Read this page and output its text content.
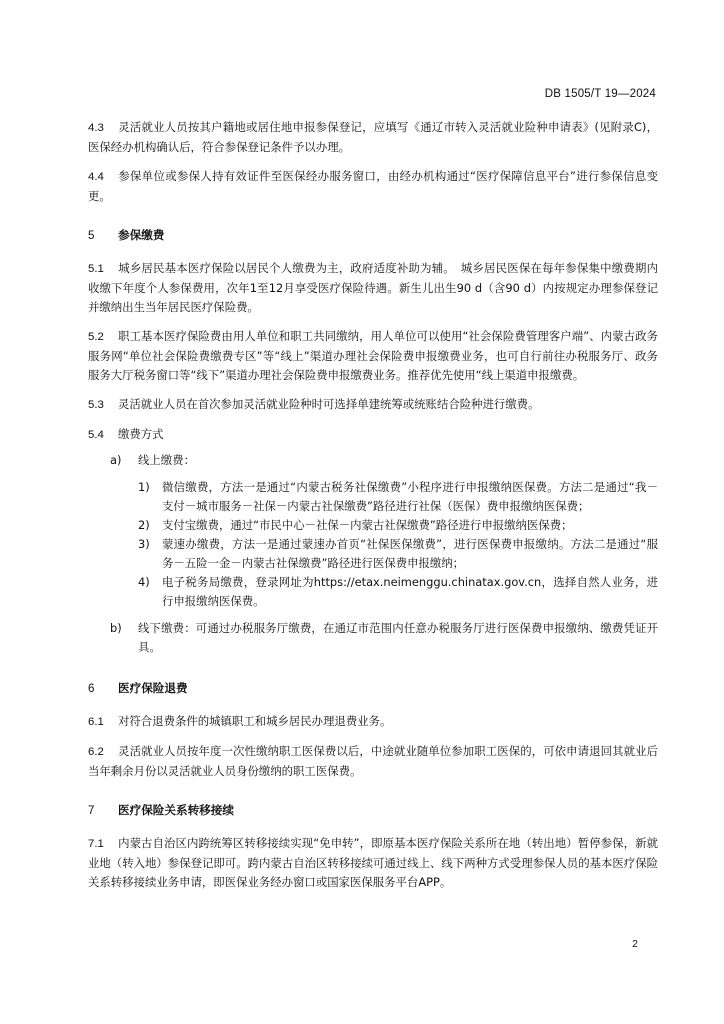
DB 1505/T 19—2024

4.3 灵活就业人员按其户籍地或居住地申报参保登记，应填写《通辽市转入灵活就业险种申请表》(见附录C)，医保经办机构确认后，符合参保登记条件予以办理。

4.4 参保单位或参保人持有效证件至医保经办服务窗口，由经办机构通过“医疗保障信息平台”进行参保信息变更。

5 参保缴费

5.1 城乡居民基本医疗保险以居民个人缴费为主，政府适度补助为辅。　城乡居民医保在每年参保集中缴费期内收缴下年度个人参保费用，次年1至12月享受医疗保险待遇。新生儿出生90 d（含90 d）内按规定办理参保登记并缴纳出生当年居民医疗保险费。

5.2 职工基本医疗保险费由用人单位和职工共同缴纳，用人单位可以使用“社会保险费管理客户端”、内蒙古政务服务网“单位社会保险费缴费专区”等“线上”渠道办理社会保险费申报缴费业务，也可自行前往办税服务厅、政务服务大厅税务窗口等“线下”渠道办理社会保险费申报缴费业务。推荐优先使用“线上渠道申报缴费。

5.3 灵活就业人员在首次参加灵活就业险种时可选择单建统筹或统账结合险种进行缴费。

5.4 缴费方式

a)	线上缴费：

1) 微信缴费，方法一是通过“内蒙古税务社保缴费”小程序进行申报缴纳医保费。方法二是通过“我－支付－城市服务－社保－内蒙古社保缴费”路径进行社保（医保）费申报缴纳医保费；

2) 支付宝缴费，通过“市民中心－社保－内蒙古社保缴费”路径进行申报缴纳医保费；

3) 蒙速办缴费，方法一是通过蒙速办首页“社保医保缴费”，进行医保费申报缴纳。方法二是通过“服务－五险一金－内蒙古社保缴费”路径进行医保费申报缴纳；

4) 电子税务局缴费，登录网址为https://etax.neimenggu.chinatax.gov.cn，选择自然人业务，进行申报缴纳医保费。

b)	线下缴费：可通过办税服务厅缴费，在通辽市范围内任意办税服务厅进行医保费申报缴纳、缴费凭证开具。

6 医疗保险退费

6.1 对符合退费条件的城镇职工和城乡居民办理退费业务。

6.2 灵活就业人员按年度一次性缴纳职工医保费以后，中途就业随单位参加职工医保的，可依申请退回其就业后当年剩余月份以灵活就业人员身份缴纳的职工医保费。

7 医疗保险关系转移接续

7.1 内蒙古自治区内跨统筹区转移接续实现“免申转”，即原基本医疗保险关系所在地（转出地）暂停参保，新就业地（转入地）参保登记即可。跨内蒙古自治区转移接续可通过线上、线下两种方式受理参保人员的基本医疗保险关系转移接续业务申请，即医保业务经办窗口或国家医保服务平台APP。

2
